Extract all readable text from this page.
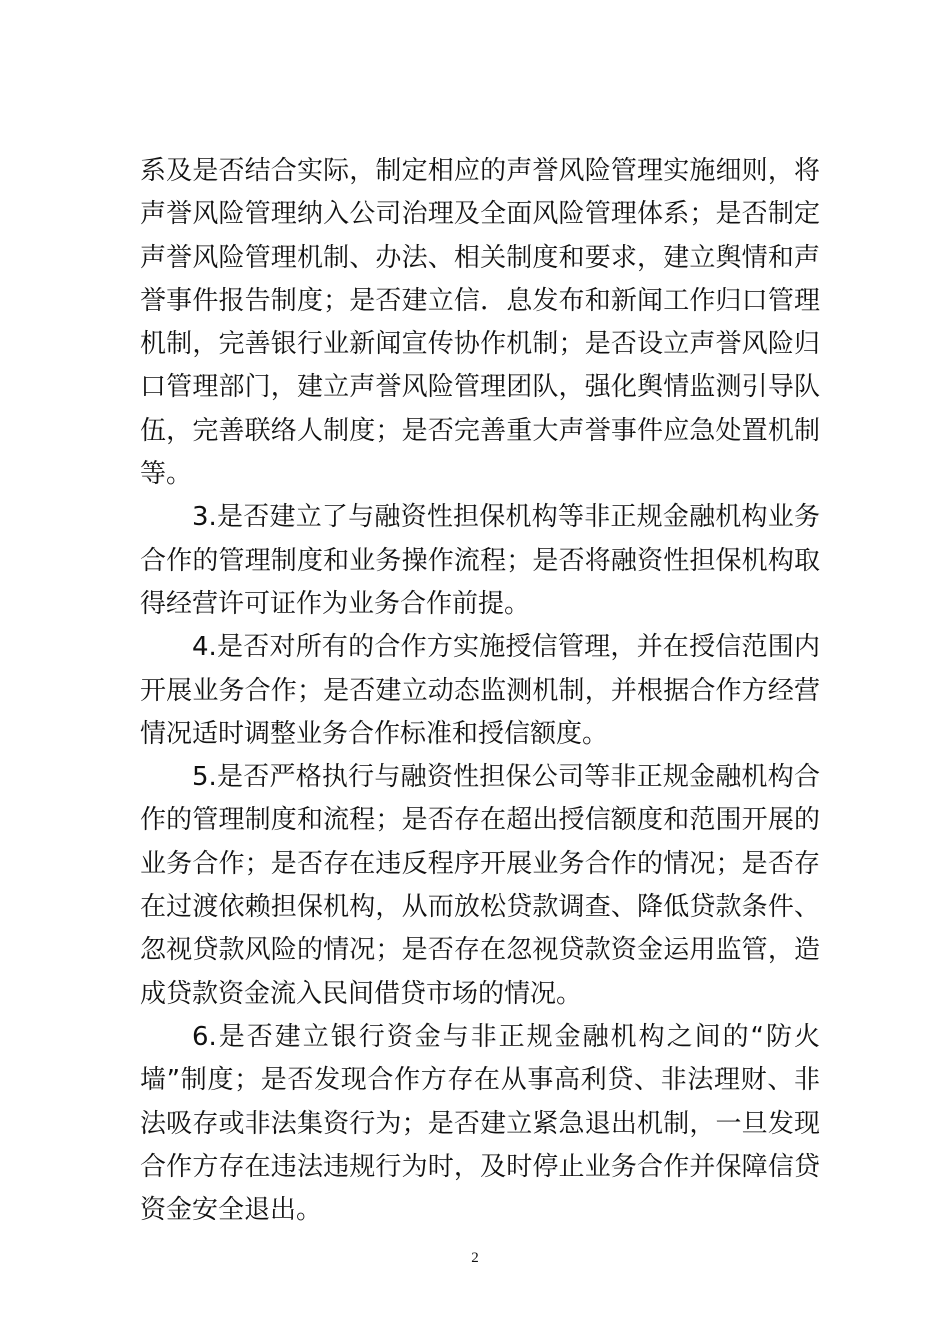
系及是否结合实际，制定相应的声誉风险管理实施细则，将声誉风险管理纳入公司治理及全面风险管理体系；是否制定声誉风险管理机制、办法、相关制度和要求，建立舆情和声誉事件报告制度；是否建立信．息发布和新闻工作归口管理机制，完善银行业新闻宣传协作机制；是否设立声誉风险归口管理部门，建立声誉风险管理团队，强化舆情监测引导队伍，完善联络人制度；是否完善重大声誉事件应急处置机制等。

3.是否建立了与融资性担保机构等非正规金融机构业务合作的管理制度和业务操作流程；是否将融资性担保机构取得经营许可证作为业务合作前提。

4.是否对所有的合作方实施授信管理，并在授信范围内开展业务合作；是否建立动态监测机制，并根据合作方经营情况适时调整业务合作标准和授信额度。

5.是否严格执行与融资性担保公司等非正规金融机构合作的管理制度和流程；是否存在超出授信额度和范围开展的业务合作；是否存在违反程序开展业务合作的情况；是否存在过渡依赖担保机构，从而放松贷款调查、降低贷款条件、忽视贷款风险的情况；是否存在忽视贷款资金运用监管，造成贷款资金流入民间借贷市场的情况。

6.是否建立银行资金与非正规金融机构之间的“防火墙”制度；是否发现合作方存在从事高利贷、非法理财、非法吸存或非法集资行为；是否建立紧急退出机制，一旦发现合作方存在违法违规行为时，及时停止业务合作并保障信贷资金安全退出。

2
